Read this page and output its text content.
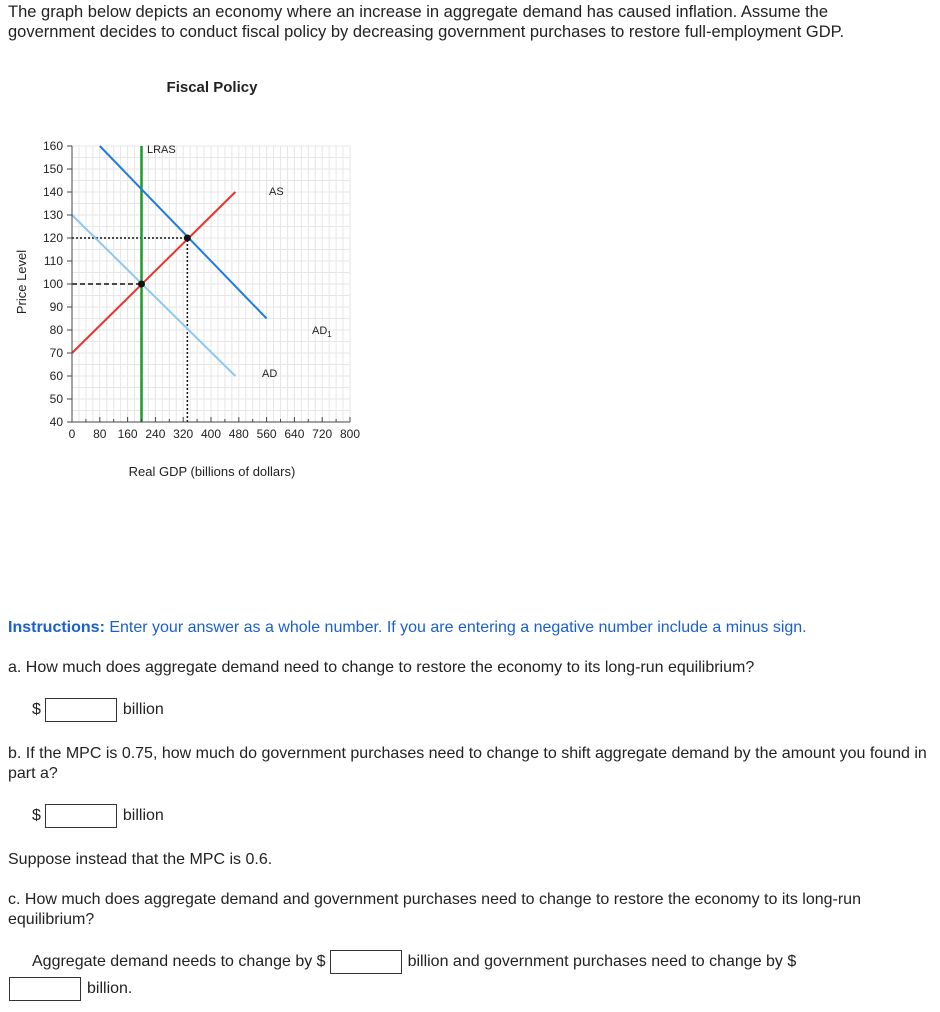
The graph below depicts an economy where an increase in aggregate demand has caused inflation. Assume the

government decides to conduct fiscal policy by decreasing government purchases to restore full-employment GDP.

Fiscal Policy
40
50
60
70
80
90
100
110
120
130
140
150
160
0 80 160 240 320 400 480 560 640 720 800
Real GDP (billions of dollars)
Price Level
LRAS
AS
AD
$AD_1$
Instructions: Enter your answer as a whole number. If you are entering a negative number include a minus sign.
a. How much does aggregate demand need to change to restore the economy to its long-run equilibrium?
$	billion
b. If the MPC is 0.75, how much do government purchases need to change to shift aggregate demand by the amount you found in part a?
$	billion
Suppose instead that the MPC is 0.6.
c. How much does aggregate demand and government purchases need to change to restore the economy to its long-run equilibrium?
Aggregate demand needs to change by $	billion and government purchases need to change by $
billion.
